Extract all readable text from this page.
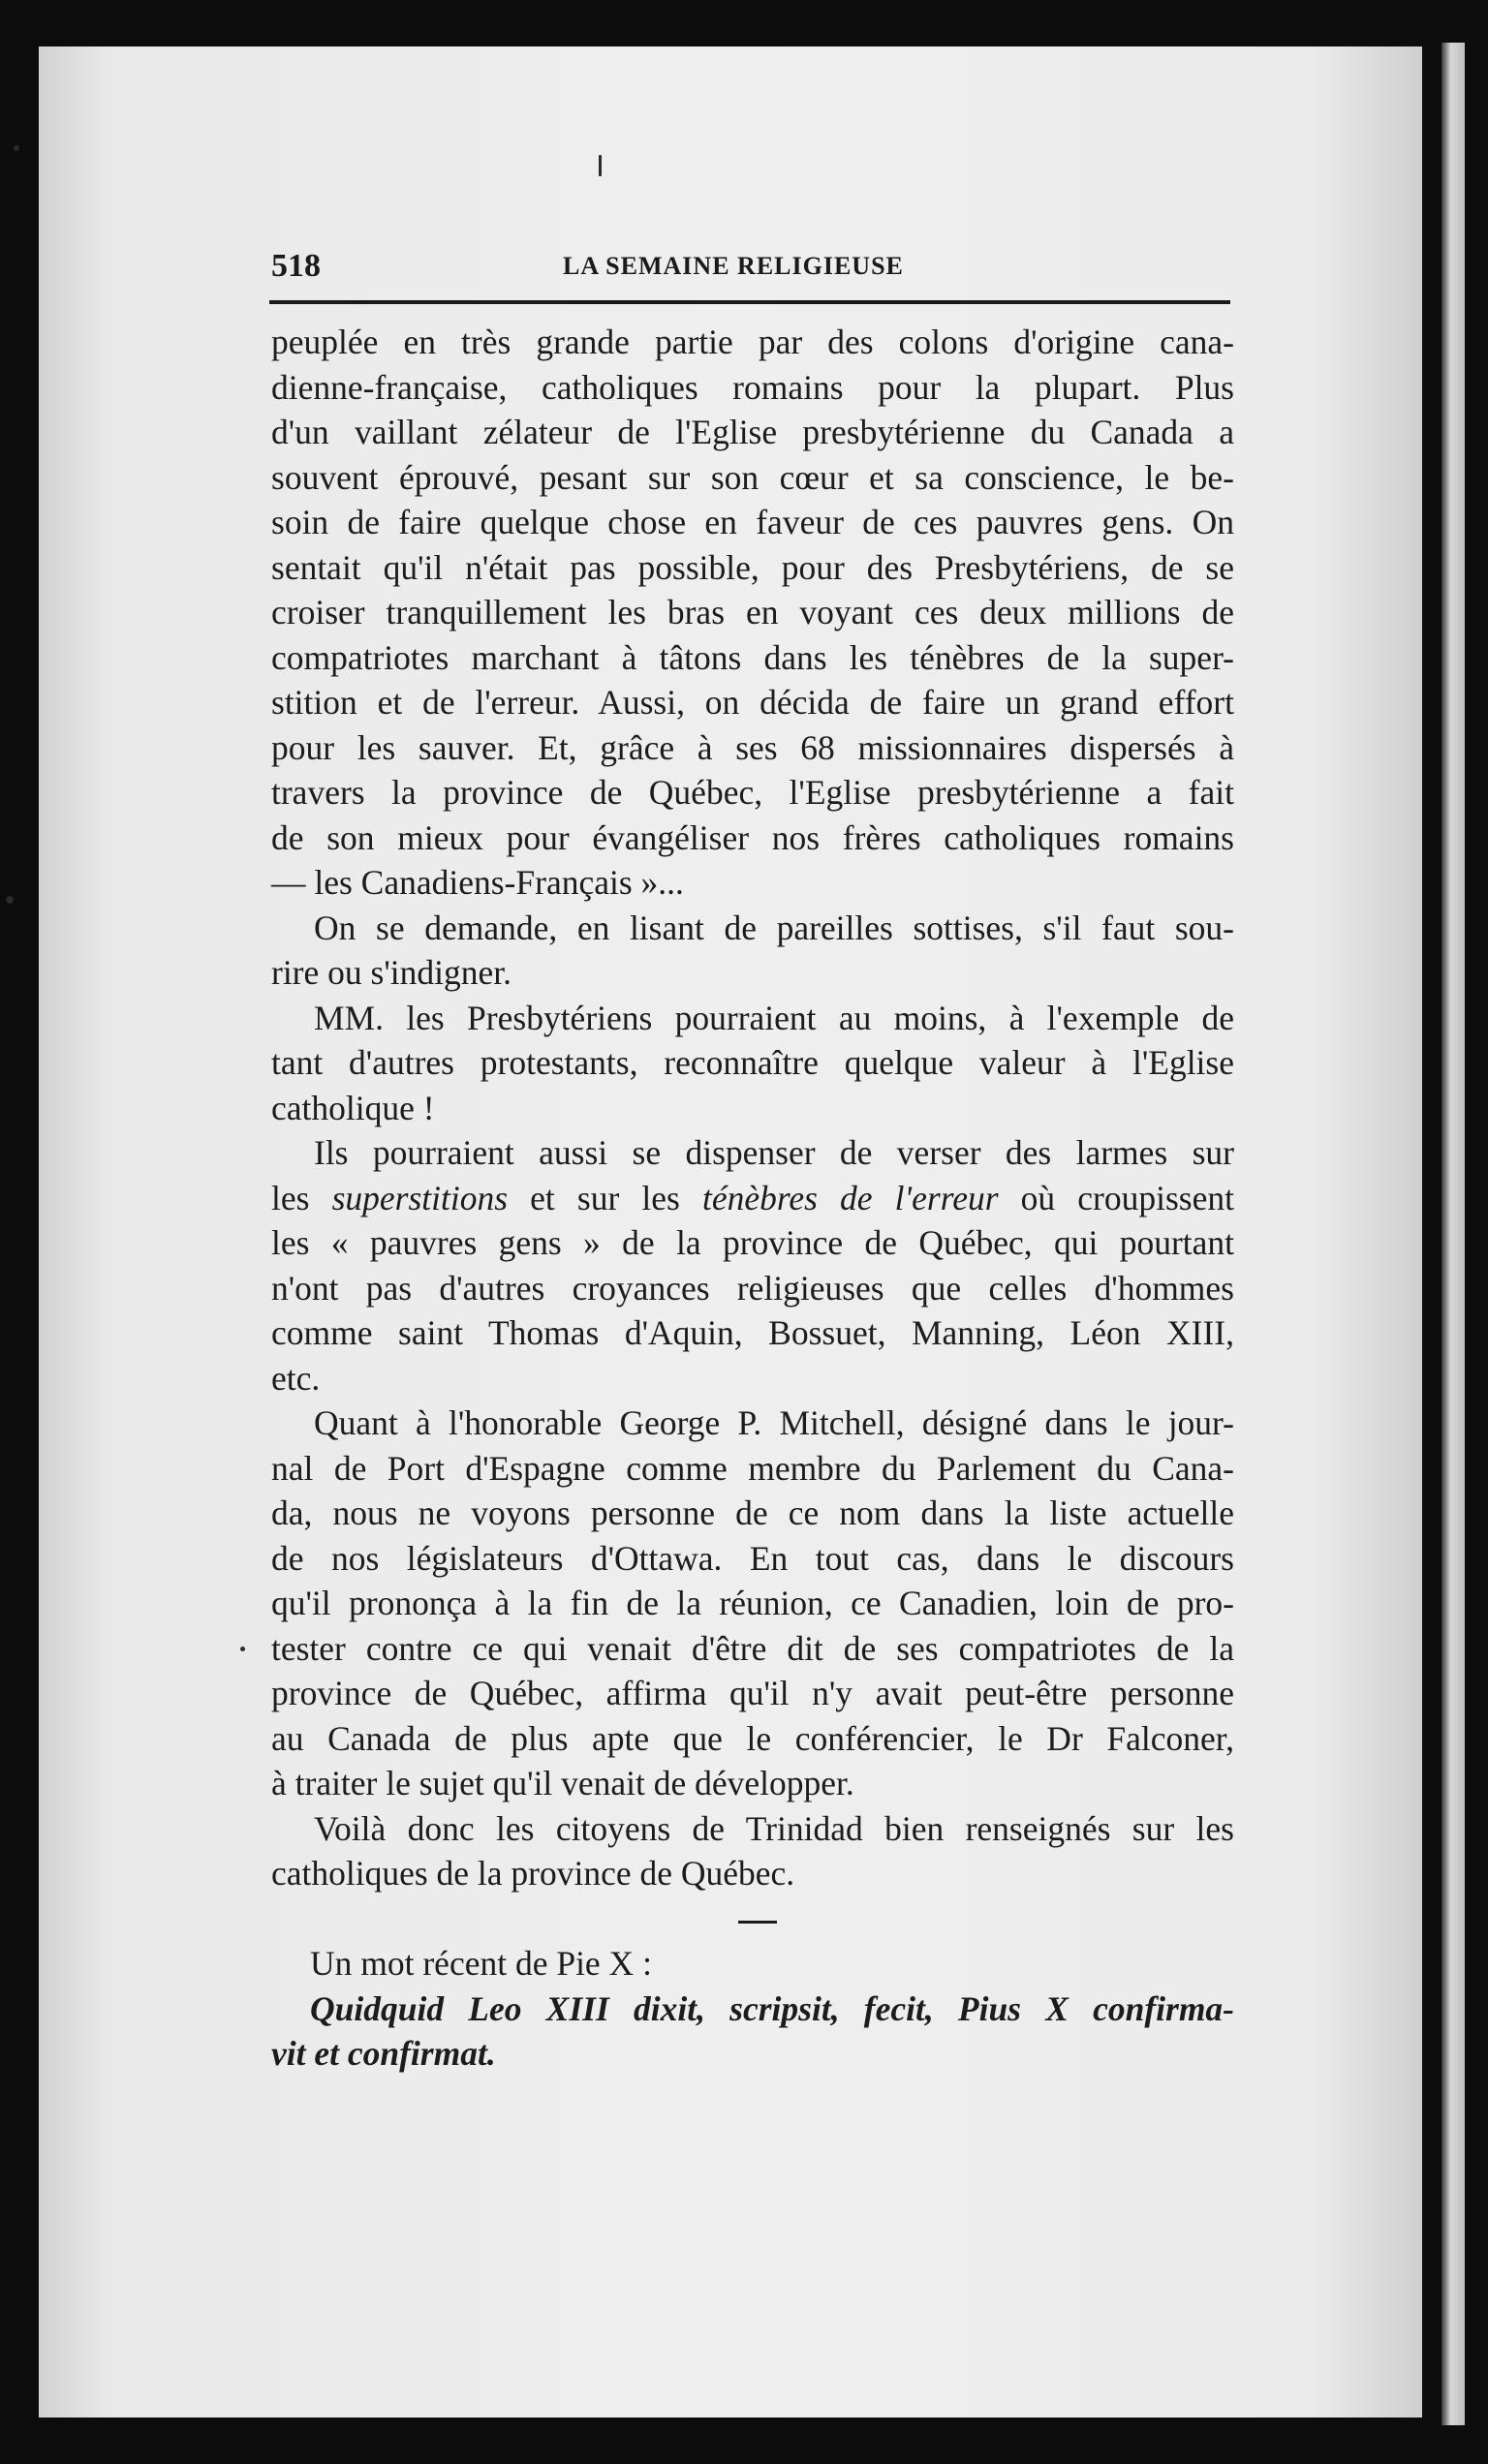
518	LA SEMAINE RELIGIEUSE
peuplée en très grande partie par des colons d'origine cana-
dienne-française, catholiques romains pour la plupart. Plus
d'un vaillant zélateur de l'Eglise presbytérienne du Canada a
souvent éprouvé, pesant sur son cœur et sa conscience, le be-
soin de faire quelque chose en faveur de ces pauvres gens. On
sentait qu'il n'était pas possible, pour des Presbytériens, de se
croiser tranquillement les bras en voyant ces deux millions de
compatriotes marchant à tâtons dans les ténèbres de la super-
stition et de l'erreur. Aussi, on décida de faire un grand effort
pour les sauver. Et, grâce à ses 68 missionnaires dispersés à
travers la province de Québec, l'Eglise presbytérienne a fait
de son mieux pour évangéliser nos frères catholiques romains
— les Canadiens-Français »...
On se demande, en lisant de pareilles sottises, s'il faut sou-
rire ou s'indigner.
MM. les Presbytériens pourraient au moins, à l'exemple de
tant d'autres protestants, reconnaître quelque valeur à l'Eglise
catholique !
Ils pourraient aussi se dispenser de verser des larmes sur
les superstitions et sur les ténèbres de l'erreur où croupissent
les « pauvres gens » de la province de Québec, qui pourtant
n'ont pas d'autres croyances religieuses que celles d'hommes
comme saint Thomas d'Aquin, Bossuet, Manning, Léon XIII,
etc.
Quant à l'honorable George P. Mitchell, désigné dans le jour-
nal de Port d'Espagne comme membre du Parlement du Cana-
da, nous ne voyons personne de ce nom dans la liste actuelle
de nos législateurs d'Ottawa. En tout cas, dans le discours
qu'il prononça à la fin de la réunion, ce Canadien, loin de pro-
tester contre ce qui venait d'être dit de ses compatriotes de la
province de Québec, affirma qu'il n'y avait peut-être personne
au Canada de plus apte que le conférencier, le Dr Falconer,
à traiter le sujet qu'il venait de développer.
Voilà donc les citoyens de Trinidad bien renseignés sur les
catholiques de la province de Québec.
Un mot récent de Pie X :
Quidquid Leo XIII dixit, scripsit, fecit, Pius X confirma-
vit et confirmat.
